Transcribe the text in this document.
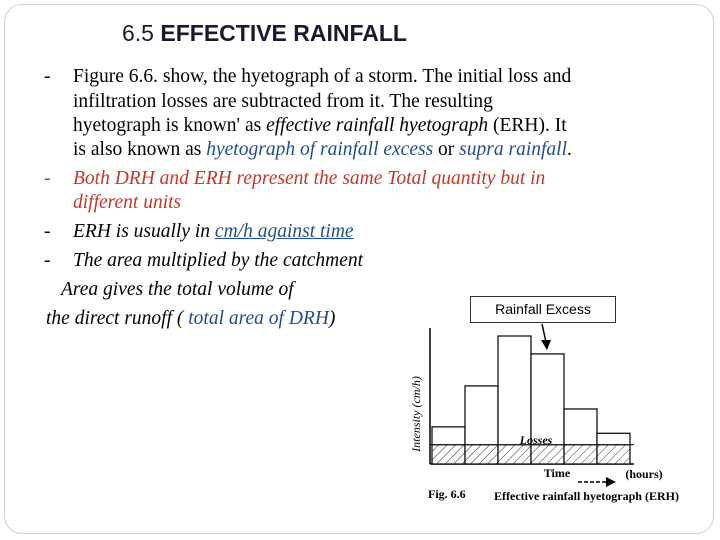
6.5 EFFECTIVE RAINFALL
- Figure 6.6. show, the hyetograph of a storm. The initial loss and
infiltration losses are subtracted from it. The resulting
hyetograph is known' as effective rainfall hyetograph (ERH). It
is also known as hyetograph of rainfall excess or supra rainfall.
- Both DRH and ERH represent the same Total quantity but in
different units
- ERH is usually in cm/h against time
- The area multiplied by the catchment
Area gives the total volume of
the direct runoff ( total area of DRH)	Rainfall Excess
Intensity (cm/h)	Losses
Time	(hours)
Fig. 6.6 Effective rainfall hyetograph (ERH)
